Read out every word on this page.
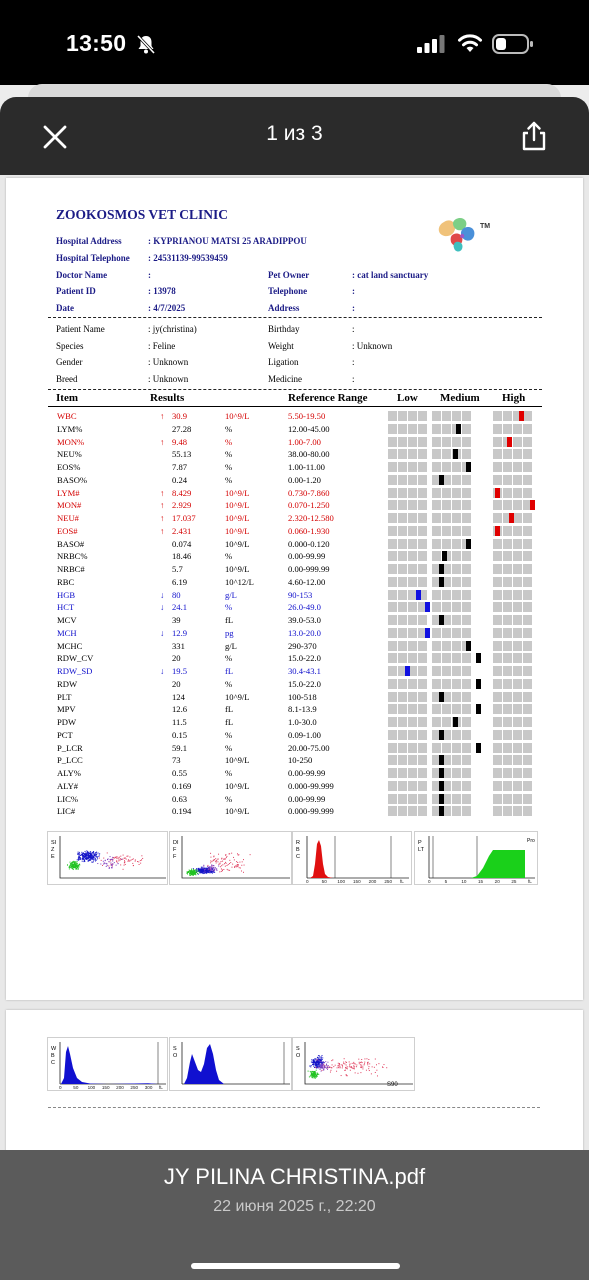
13:50
1 из 3
ZOOKOSMOS VET CLINIC
TM
Hospital Address	: KYPRIANOU MATSI 25 ARADIPPOU
Hospital Telephone : 24531139-99539459
Doctor Name	:
Patient ID	: 13978
Date	: 4/7/2025
Pet Owner	: cat land sanctuary
Telephone	:
Address	:
Patient Name	: jy(christina)
Species	: Feline
Gender	: Unknown
Breed	: Unknown
Birthday	:
Weight	: Unknown
Ligation	:
Medicine	:
Item	Results	Reference Range	Low Medium High
WBC	↑ 30.9	10^9/L	5.50-19.50
LYM%	27.28	%	12.00-45.00
MON%	↑ 9.48	%	1.00-7.00
NEU%	55.13	%	38.00-80.00
EOS%	7.87	%	1.00-11.00
BASO%	0.24	%	0.00-1.20
LYM#	↑ 8.429	10^9/L	0.730-7.860
MON#	↑ 2.929	10^9/L	0.070-1.250
NEU#	↑ 17.037	10^9/L	2.320-12.580
EOS#	↑ 2.431	10^9/L	0.060-1.930
BASO#	0.074	10^9/L	0.000-0.120
NRBC%	18.46	%	0.00-99.99
NRBC#	5.7	10^9/L	0.00-999.99
RBC	6.19	10^12/L	4.60-12.00
HGB	↓ 80	g/L	90-153
HCT	↓ 24.1	%	26.0-49.0
MCV	39	fL	39.0-53.0
MCH	↓ 12.9	pg	13.0-20.0
MCHC	331	g/L	290-370
RDW_CV	20	%	15.0-22.0
RDW_SD	↓ 19.5	fL	30.4-43.1
RDW	20	%	15.0-22.0
PLT	124	10^9/L	100-518
MPV	12.6	fL	8.1-13.9
PDW	11.5	fL	1.0-30.0
PCT	0.15	%	0.09-1.00
P_LCR	59.1	%	20.00-75.00
P_LCC	73	10^9/L	10-250
ALY%	0.55	%	0.00-99.99
ALY#	0.169	10^9/L	0.000-99.999
LIC%	0.63	%	0.00-99.99
LIC#	0.194	10^9/L	0.000-99.999
SIZE
DIFF
RBC
0	50 100 150 200 250 fL
PLT
Pro
0	5	10	15	20	25	fL
WBC
0	50 100 150 200 250 300 fL
SO
SO
S90
JY PILINA CHRISTINA.pdf
22 июня 2025 г., 22:20
